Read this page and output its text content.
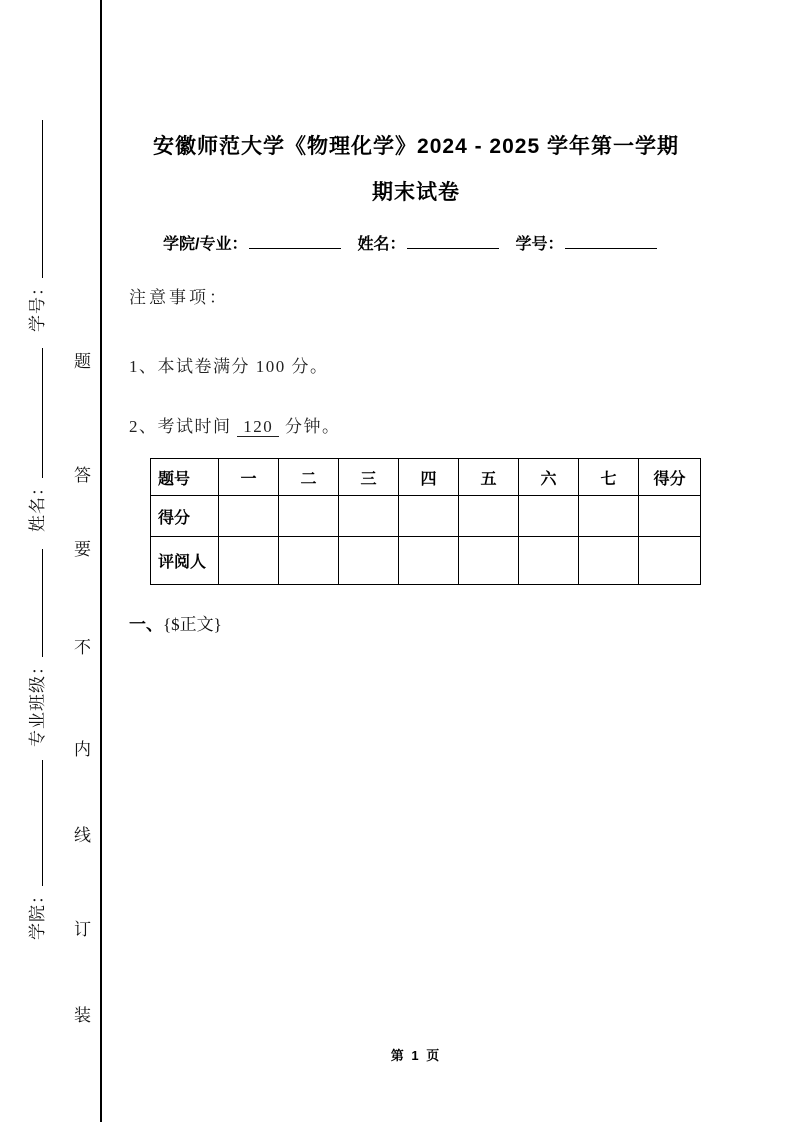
学号：
姓名：
专业班级：
学院：
题
答
要
不
内
线
订
装
安徽师范大学《物理化学》2024 - 2025 学年第一学期
期末试卷
学院/专业：	姓名：	学号：
注意事项：
1、本试卷满分 100 分。
2、考试时间 120 分钟。
题号	一	二	三	四	五	六	七	得分
得分								
评阅人								
一、{$正文}
第 1 页
